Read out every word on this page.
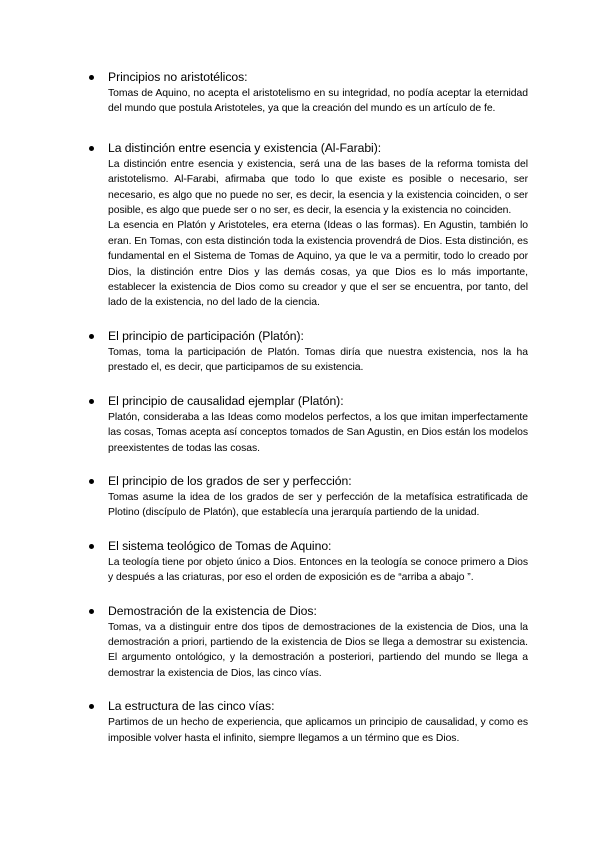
Principios no aristotélicos:

Tomas de Aquino, no acepta el aristotelismo en su integridad, no podía aceptar la eternidad del mundo que postula Aristoteles, ya que la creación del mundo es un artículo de fe.

La distinción entre esencia y existencia (Al-Farabi):

La distinción entre esencia y existencia, será una de las bases de la reforma tomista del aristotelismo. Al-Farabi, afirmaba que todo lo que existe es posible o necesario, ser necesario, es algo que no puede no ser, es decir, la esencia y la existencia coinciden, o ser posible, es algo que puede ser o no ser, es decir, la esencia y la existencia no coinciden.

La esencia en Platón y Aristoteles, era eterna (Ideas o las formas). En Agustin, también lo eran. En Tomas, con esta distinción toda la existencia provendrá de Dios. Esta distinción, es fundamental en el Sistema de Tomas de Aquino, ya que le va a permitir, todo lo creado por Dios, la distinción entre Dios y las demás cosas, ya que Dios es lo más importante, establecer la existencia de Dios como su creador y que el ser se encuentra, por tanto, del lado de la existencia, no del lado de la ciencia.

El principio de participación (Platón):

Tomas, toma la participación de Platón. Tomas diría que nuestra existencia, nos la ha prestado el, es decir, que participamos de su existencia.

El principio de causalidad ejemplar (Platón):

Platón, consideraba a las Ideas como modelos perfectos, a los que imitan imperfectamente las cosas, Tomas acepta así conceptos tomados de San Agustin, en Dios están los modelos preexistentes de todas las cosas.

El principio de los grados de ser y perfección:

Tomas asume la idea de los grados de ser y perfección de la metafísica estratificada de Plotino (discípulo de Platón), que establecía una jerarquía partiendo de la unidad.

El sistema teológico de Tomas de Aquino:

La teología tiene por objeto único a Dios. Entonces en la teología se conoce primero a Dios y después a las criaturas, por eso el orden de exposición es de “arriba a abajo ”.

Demostración de la existencia de Dios:

Tomas, va a distinguir entre dos tipos de demostraciones de la existencia de Dios, una la demostración a priori, partiendo de la existencia de Dios se llega a demostrar su existencia. El argumento ontológico, y la demostración a posteriori, partiendo del mundo se llega a demostrar la existencia de Dios, las cinco vías.

La estructura de las cinco vías:

Partimos de un hecho de experiencia, que aplicamos un principio de causalidad, y como es imposible volver hasta el infinito, siempre llegamos a un término que es Dios.
